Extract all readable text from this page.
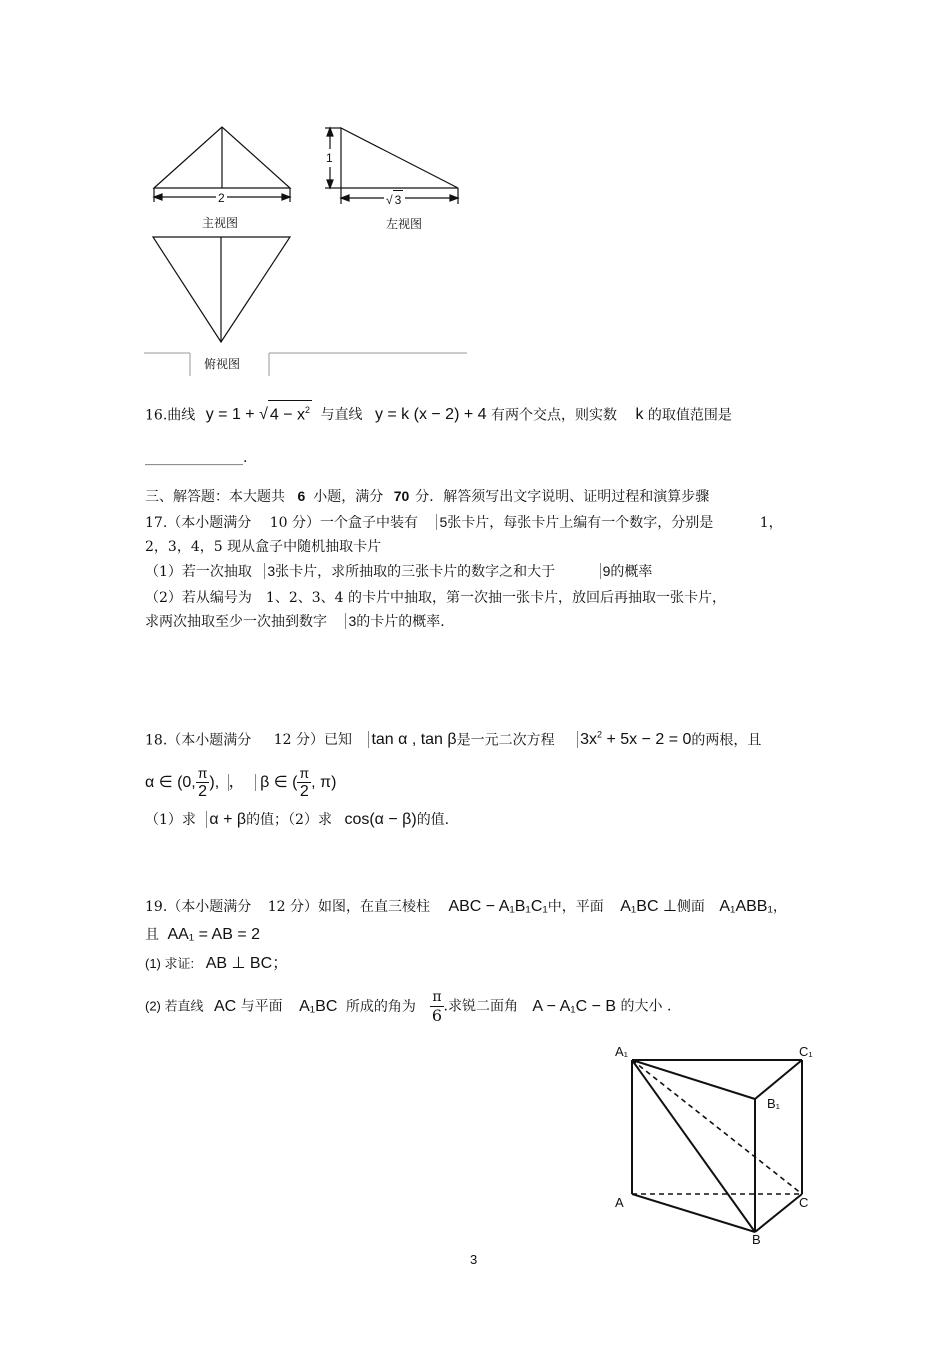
2
1
√ 3
主视图	左视图
俯视图
16.曲线 y = 1 + √ $4 - x^2$ 与直线 y = k (x − 2) + 4 有两个交点，则实数 k 的取值范围是
______________.
三、解答题：本大题共 6 小题，满分 70 分．解答须写出文字说明、证明过程和演算步骤
17.（本小题满分 10 分）一个盒子中装有 5张卡片，每张卡片上编有一个数字，分别是	1，
2，3，4，5 现从盒子中随机抽取卡片
（1）若一次抽取 3张卡片，求所抽取的三张卡片的数字之和大于	9的概率
（2）若从编号为　1、2、3、4 的卡片中抽取，第一次抽一张卡片，放回后再抽取一张卡片，
求两次抽取至少一次抽到数字 3的卡片的概率.
18.（本小题满分 12 分）已知 tan α , tan β是一元二次方程 $3x^2 + 5x - 2 = 0$的两根，且
α ∈ (0, $\frac{\pi}{2}$ ), ， β ∈ ( $\frac{\pi}{2}$ , π)
（1）求 α + β的值；（2）求 cos(α − β)的值.
19.（本小题满分 12 分）如图，在直三棱柱 ABC − A₁B₁C₁中，平面 A₁BC ⊥侧面 A₁ABB₁，
且 AA₁ = AB = 2
(1) 求证: AB ⊥ BC；
(2) 若直线 AC 与平面 A₁BC 所成的角为 $\frac{\pi}{6}$ .求锐二面角 A − A₁C − B 的大小 .
A₁	C₁
B₁
A	C
B
3
